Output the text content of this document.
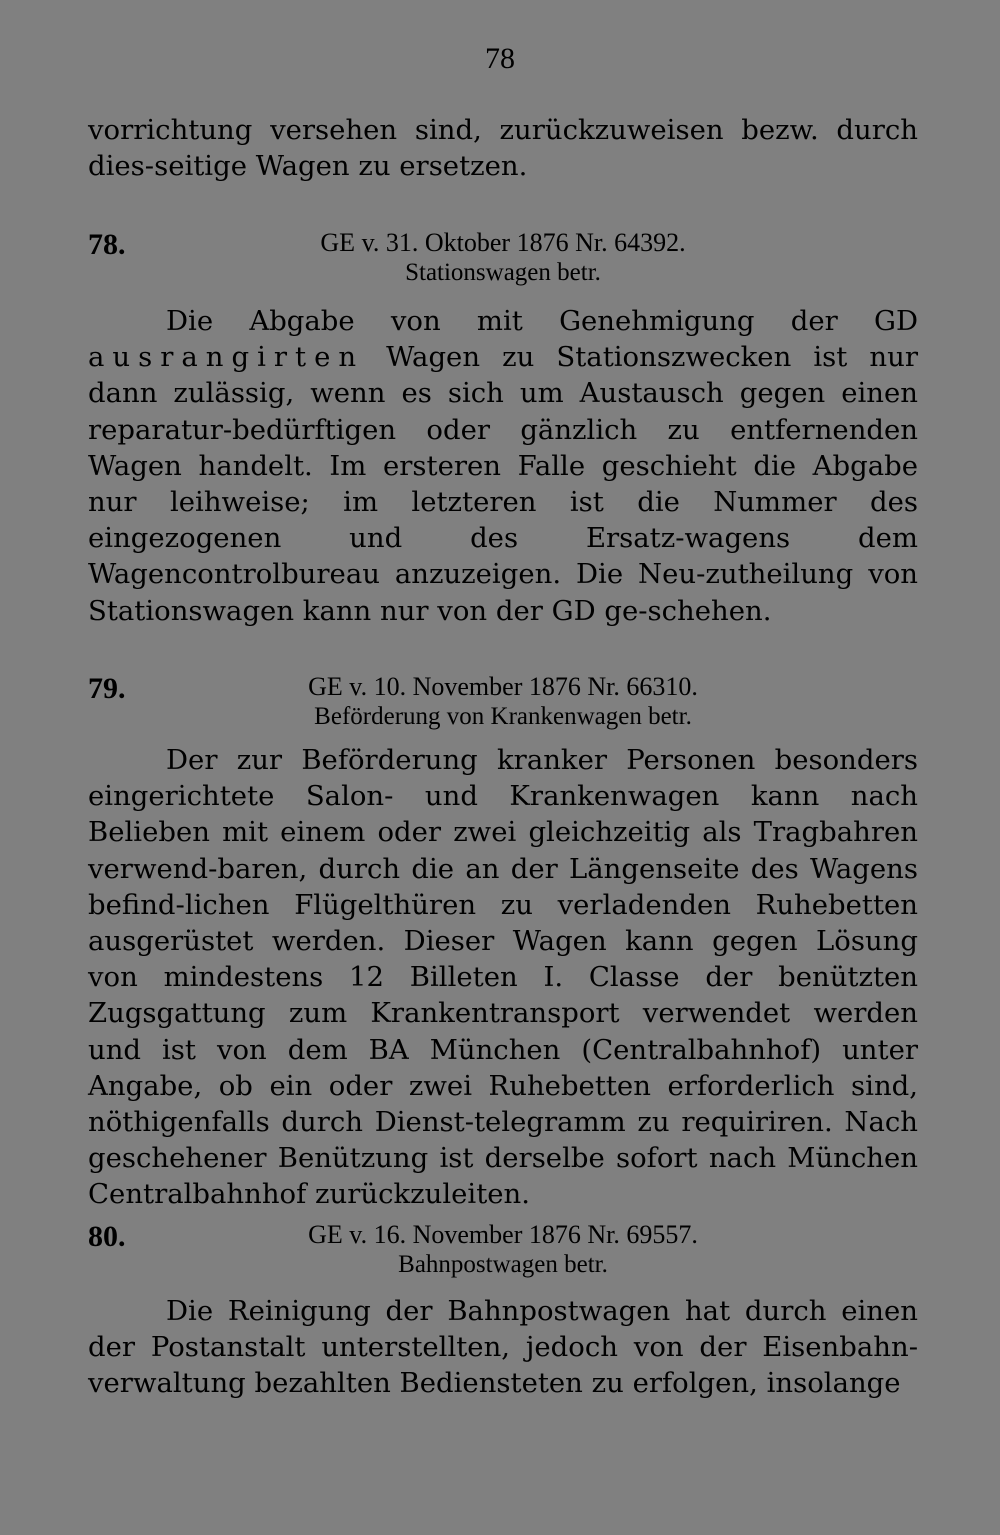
78

vorrichtung versehen sind, zurückzuweisen bezw. durch dies-seitige Wagen zu ersetzen.

78.	GE v. 31. Oktober 1876 Nr. 64392.
Stationswagen betr.

Die Abgabe von mit Genehmigung der GD ausrangirten Wagen zu Stationszwecken ist nur dann zulässig, wenn es sich um Austausch gegen einen reparatur-bedürftigen oder gänzlich zu entfernenden Wagen handelt. Im ersteren Falle geschieht die Abgabe nur leihweise; im letzteren ist die Nummer des eingezogenen und des Ersatz-wagens dem Wagencontrolbureau anzuzeigen. Die Neu-zutheilung von Stationswagen kann nur von der GD ge-schehen.

79.	GE v. 10. November 1876 Nr. 66310.
Beförderung von Krankenwagen betr.

Der zur Beförderung kranker Personen besonders eingerichtete Salon- und Krankenwagen kann nach Belieben mit einem oder zwei gleichzeitig als Tragbahren verwend-baren, durch die an der Längenseite des Wagens befind-lichen Flügelthüren zu verladenden Ruhebetten ausgerüstet werden. Dieser Wagen kann gegen Lösung von mindestens 12 Billeten I. Classe der benützten Zugsgattung zum Krankentransport verwendet werden und ist von dem BA München (Centralbahnhof) unter Angabe, ob ein oder zwei Ruhebetten erforderlich sind, nöthigenfalls durch Dienst-telegramm zu requiriren. Nach geschehener Benützung ist derselbe sofort nach München Centralbahnhof zurückzuleiten.

80.	GE v. 16. November 1876 Nr. 69557.
Bahnpostwagen betr.

Die Reinigung der Bahnpostwagen hat durch einen der Postanstalt unterstellten, jedoch von der Eisenbahn-verwaltung bezahlten Bediensteten zu erfolgen, insolange
